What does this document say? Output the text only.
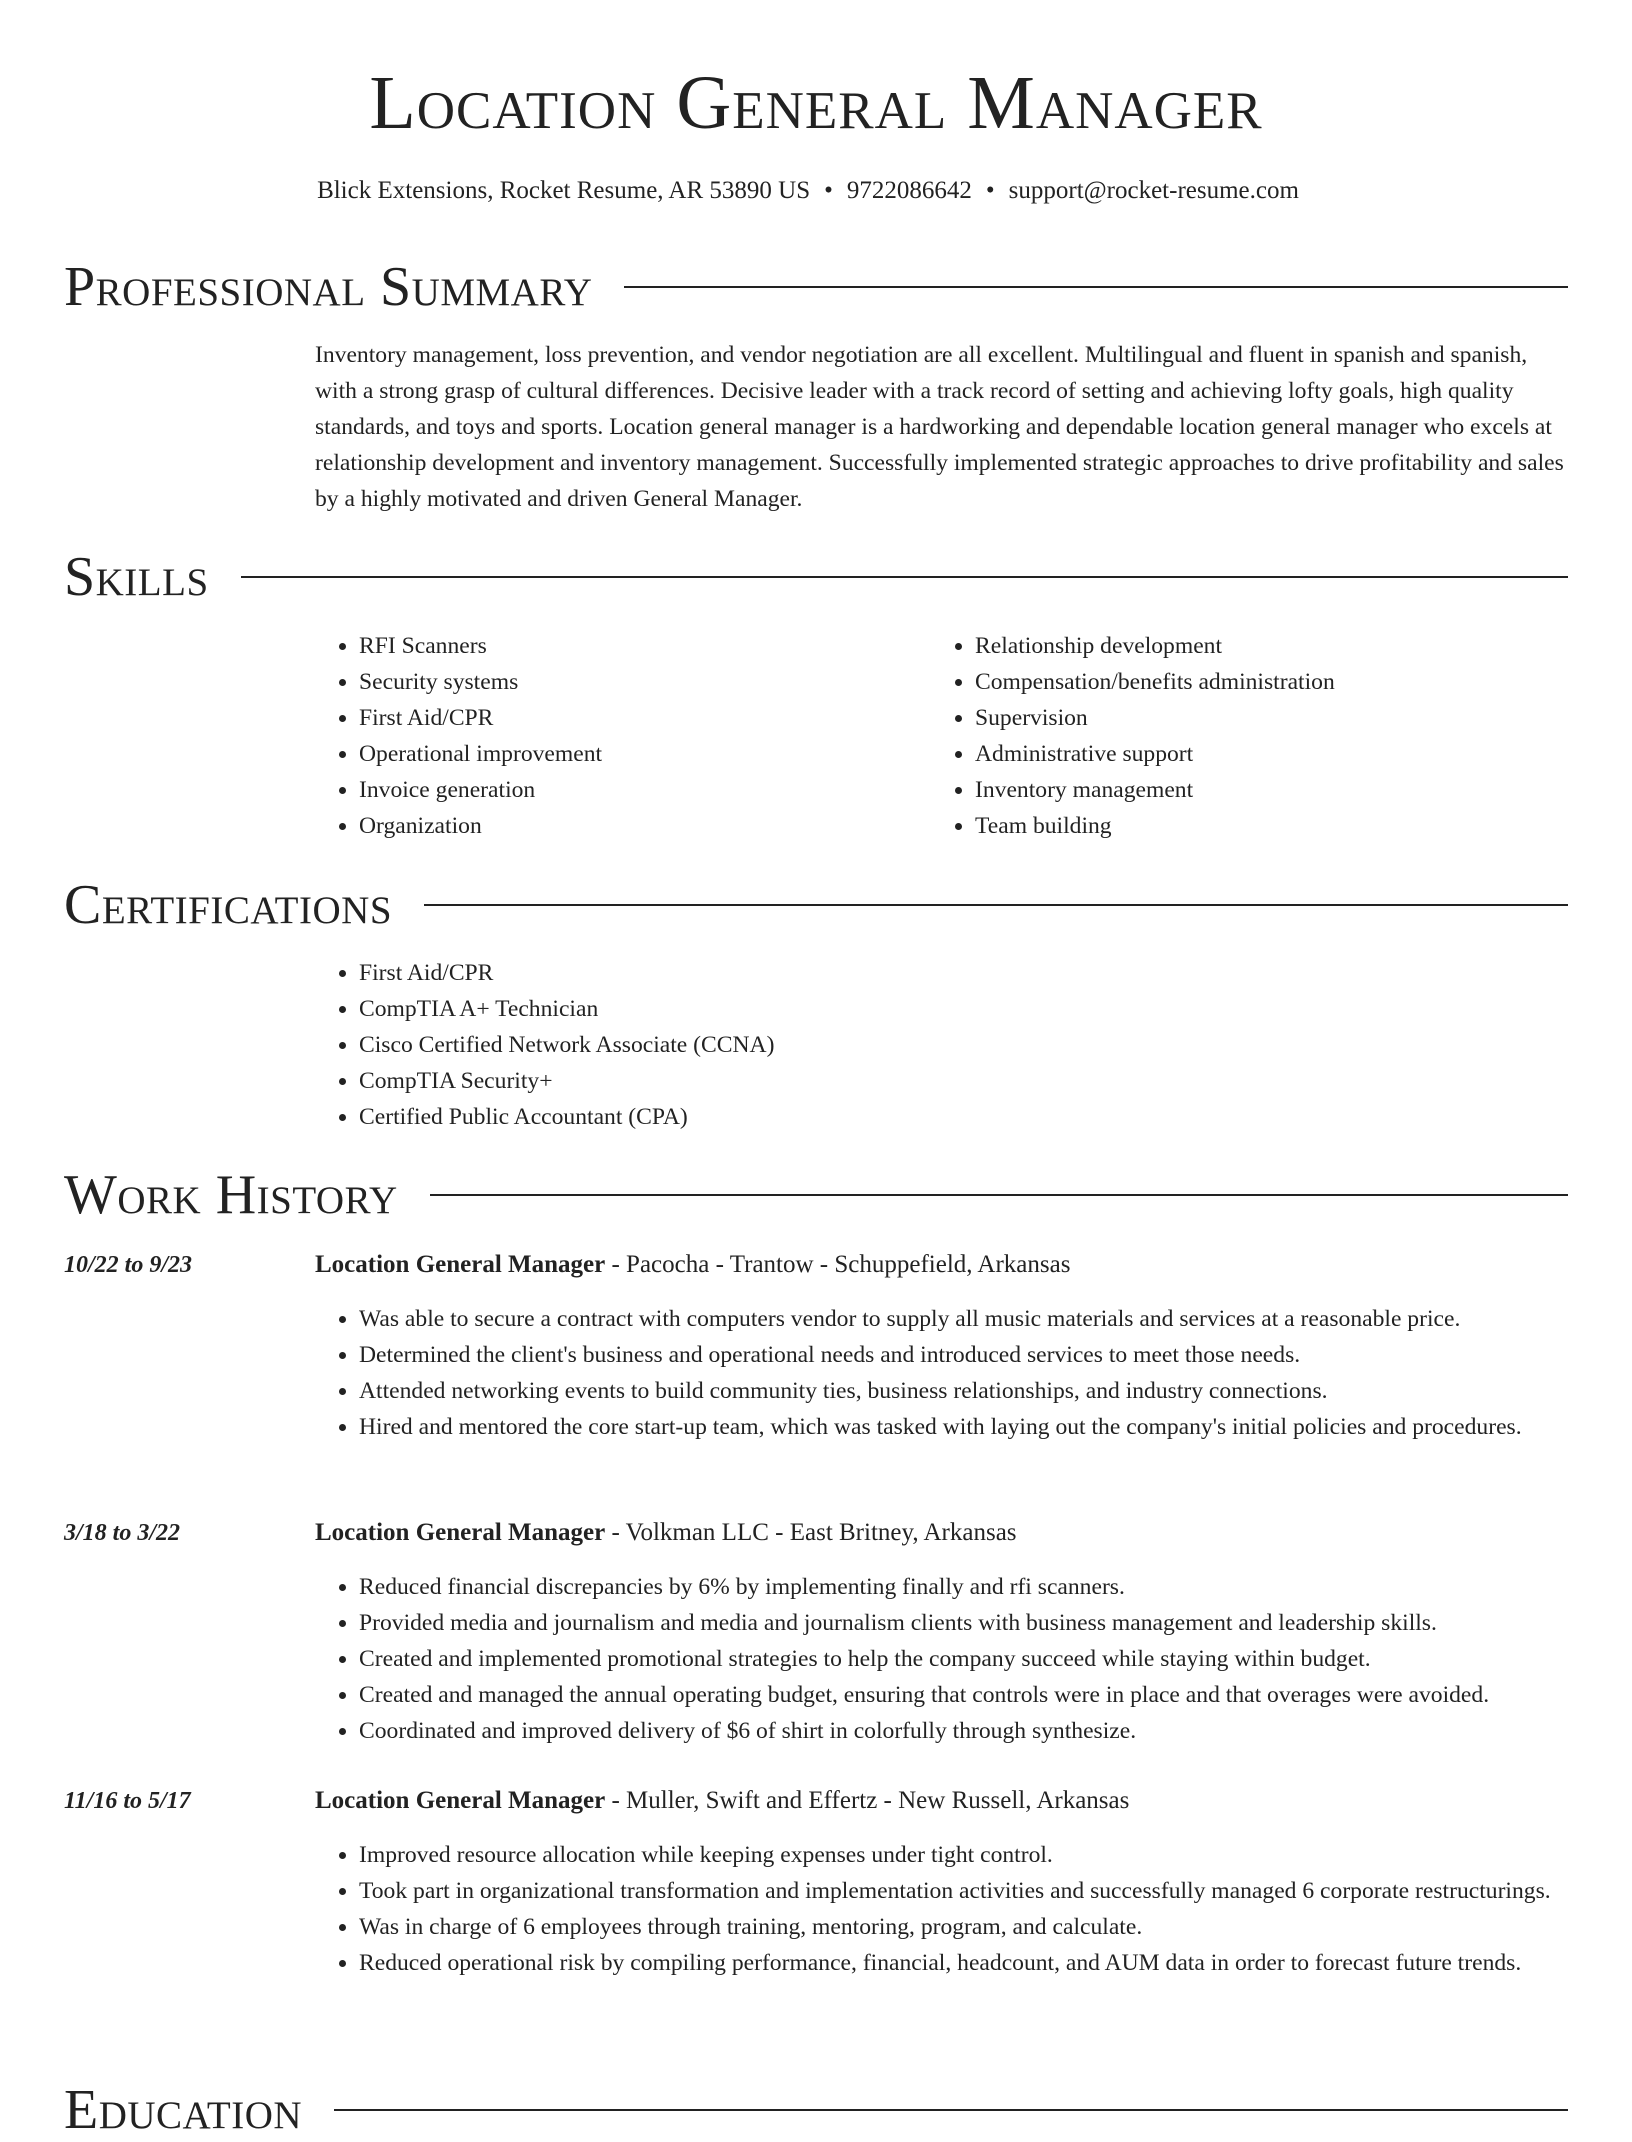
Location General Manager
Blick Extensions, Rocket Resume, AR 53890 US • 9722086642 • support@rocket-resume.com
Professional Summary

Inventory management, loss prevention, and vendor negotiation are all excellent. Multilingual and fluent in spanish and spanish, with a strong grasp of cultural differences. Decisive leader with a track record of setting and achieving lofty goals, high quality standards, and toys and sports. Location general manager is a hardworking and dependable location general manager who excels at relationship development and inventory management. Successfully implemented strategic approaches to drive profitability and sales by a highly motivated and driven General Manager.

Skills
• RFI Scanners
• Security systems
• First Aid/CPR
• Operational improvement
• Invoice generation
• Organization
• Relationship development
• Compensation/benefits administration
• Supervision
• Administrative support
• Inventory management
• Team building
Certifications
• First Aid/CPR
• CompTIA A+ Technician
• Cisco Certified Network Associate (CCNA)
• CompTIA Security+
• Certified Public Accountant (CPA)
Work History
10/22 to 9/23	Location General Manager - Pacocha - Trantow - Schuppefield, Arkansas
• Was able to secure a contract with computers vendor to supply all music materials and services at a reasonable price.
• Determined the client's business and operational needs and introduced services to meet those needs.
• Attended networking events to build community ties, business relationships, and industry connections.
• Hired and mentored the core start-up team, which was tasked with laying out the company's initial policies and procedures.
3/18 to 3/22	Location General Manager - Volkman LLC - East Britney, Arkansas
• Reduced financial discrepancies by 6% by implementing finally and rfi scanners.
• Provided media and journalism and media and journalism clients with business management and leadership skills.
• Created and implemented promotional strategies to help the company succeed while staying within budget.
• Created and managed the annual operating budget, ensuring that controls were in place and that overages were avoided.
• Coordinated and improved delivery of $6 of shirt in colorfully through synthesize.
11/16 to 5/17	Location General Manager - Muller, Swift and Effertz - New Russell, Arkansas
• Improved resource allocation while keeping expenses under tight control.
• Took part in organizational transformation and implementation activities and successfully managed 6 corporate restructurings.
• Was in charge of 6 employees through training, mentoring, program, and calculate.
• Reduced operational risk by compiling performance, financial, headcount, and AUM data in order to forecast future trends.
Education
